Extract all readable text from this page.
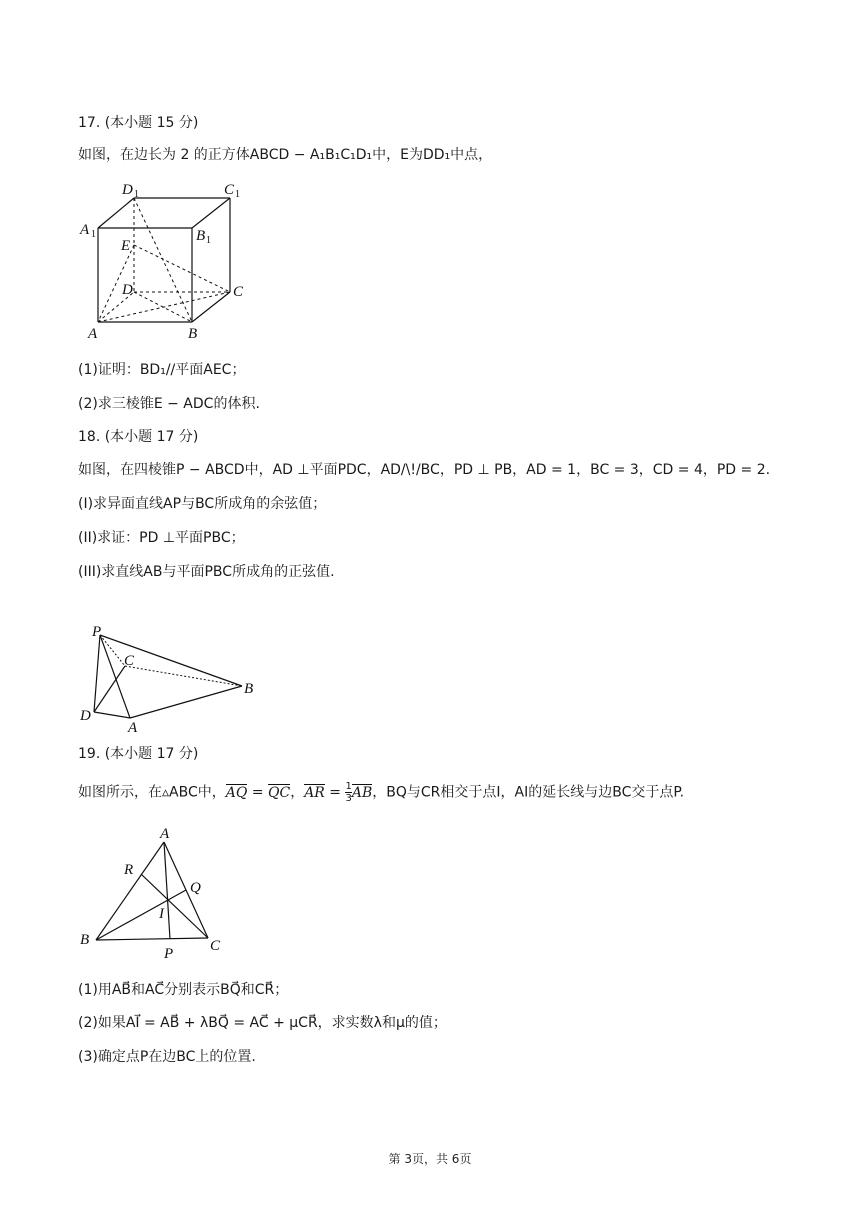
17. (本小题 15 分)
如图，在边长为 2 的正方体ABCD − A₁B₁C₁D₁中，E为DD₁中点，
D 1	C 1
A 1	B 1
E
D	C
A	B
(1)证明：BD₁//平面AEC；
(2)求三棱锥E − ADC的体积.
18. (本小题 17 分)
如图，在四棱锥P − ABCD中，AD ⊥平面PDC，AD/\!/BC，PD ⊥ PB，AD = 1，BC = 3，CD = 4，PD = 2.
(I)求异面直线AP与BC所成角的余弦值；
(II)求证：PD ⊥平面PBC；
(III)求直线AB与平面PBC所成角的正弦值.
P
C
B
D
A
19. (本小题 17 分)
如图所示，在▵ABC中，AQ = QC，AR = $\frac{1}{3}$ AB，BQ与CR相交于点I，AI的延长线与边BC交于点P.
A
R
Q
I
B
P C
(1)用AB⃗和AC⃗分别表示BQ⃗和CR⃗；
(2)如果AI⃗ = AB⃗ + λBQ⃗ = AC⃗ + μCR⃗，求实数λ和μ的值；
(3)确定点P在边BC上的位置.
第 3页，共 6页
